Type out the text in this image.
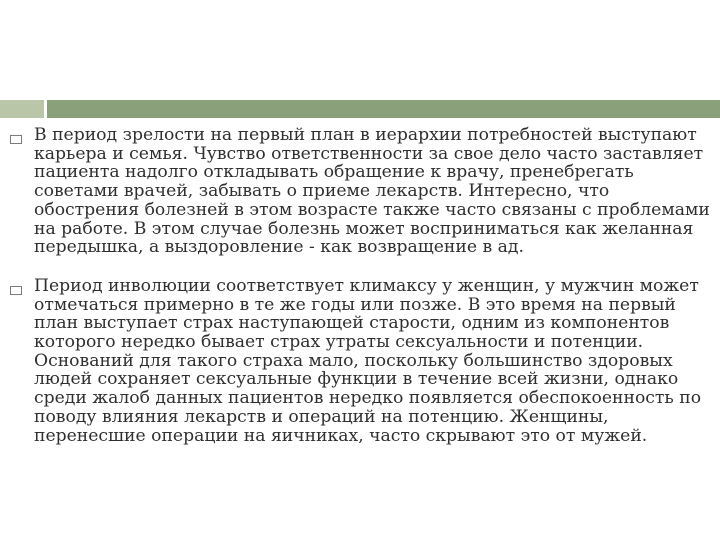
В период зрелости на первый план в иерархии потребностей выступают карьера и семья. Чувство ответственности за свое дело часто заставляет пациента надолго откладывать обращение к врачу, пренебрегать советами врачей, забывать о приеме лекарств. Интересно, что обострения болезней в этом возрасте также часто связаны с проблемами на работе. В этом случае болезнь может восприниматься как желанная передышка, а выздоровление - как возвращение в ад.
Период инволюции соответствует климаксу у женщин, у мужчин может отмечаться примерно в те же годы или позже. В это время на первый план выступает страх наступающей старости, одним из компонентов которого нередко бывает страх утраты сексуальности и потенции. Оснований для такого страха мало, поскольку большинство здоровых людей сохраняет сексуальные функции в течение всей жизни, однако среди жалоб данных пациентов нередко появляется обеспокоенность по поводу влияния лекарств и операций на потенцию. Женщины, перенесшие операции на яичниках, часто скрывают это от мужей.
